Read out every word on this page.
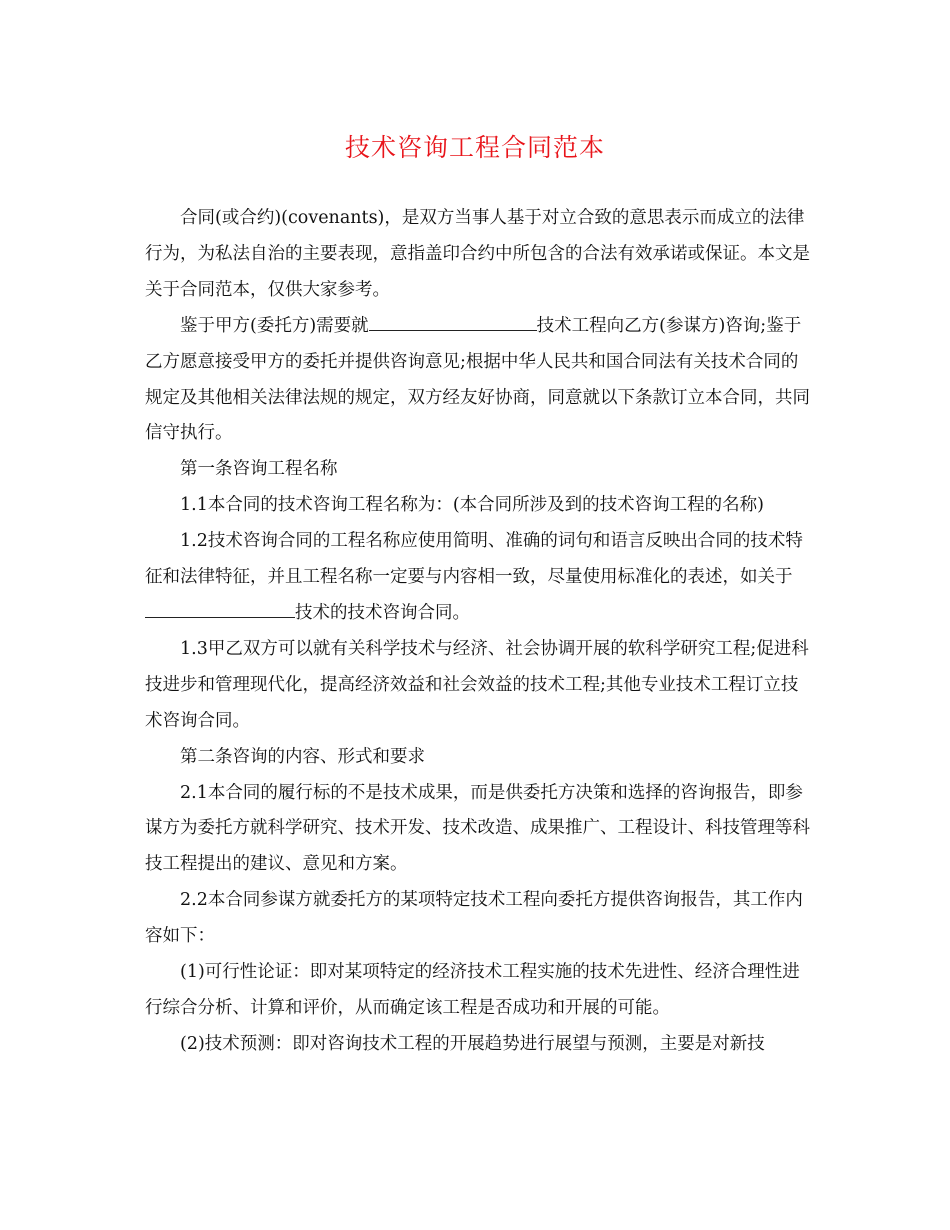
技术咨询工程合同范本

合同(或合约)(covenants)，是双方当事人基于对立合致的意思表示而成立的法律行为，为私法自治的主要表现，意指盖印合约中所包含的合法有效承诺或保证。本文是关于合同范本，仅供大家参考。

鉴于甲方(委托方)需要就	技术工程向乙方(参谋方)咨询;鉴于乙方愿意接受甲方的委托并提供咨询意见;根据中华人民共和国合同法有关技术合同的规定及其他相关法律法规的规定，双方经友好协商，同意就以下条款订立本合同，共同信守执行。

第一条咨询工程名称

1.1本合同的技术咨询工程名称为：(本合同所涉及到的技术咨询工程的名称)

1.2技术咨询合同的工程名称应使用简明、准确的词句和语言反映出合同的技术特征和法律特征，并且工程名称一定要与内容相一致，尽量使用标准化的表述，如关于技术的技术咨询合同。

1.3甲乙双方可以就有关科学技术与经济、社会协调开展的软科学研究工程;促进科技进步和管理现代化，提高经济效益和社会效益的技术工程;其他专业技术工程订立技术咨询合同。

第二条咨询的内容、形式和要求

2.1本合同的履行标的不是技术成果，而是供委托方决策和选择的咨询报告，即参谋方为委托方就科学研究、技术开发、技术改造、成果推广、工程设计、科技管理等科技工程提出的建议、意见和方案。

2.2本合同参谋方就委托方的某项特定技术工程向委托方提供咨询报告，其工作内容如下：

(1)可行性论证：即对某项特定的经济技术工程实施的技术先进性、经济合理性进行综合分析、计算和评价，从而确定该工程是否成功和开展的可能。

(2)技术预测：即对咨询技术工程的开展趋势进行展望与预测，主要是对新技
